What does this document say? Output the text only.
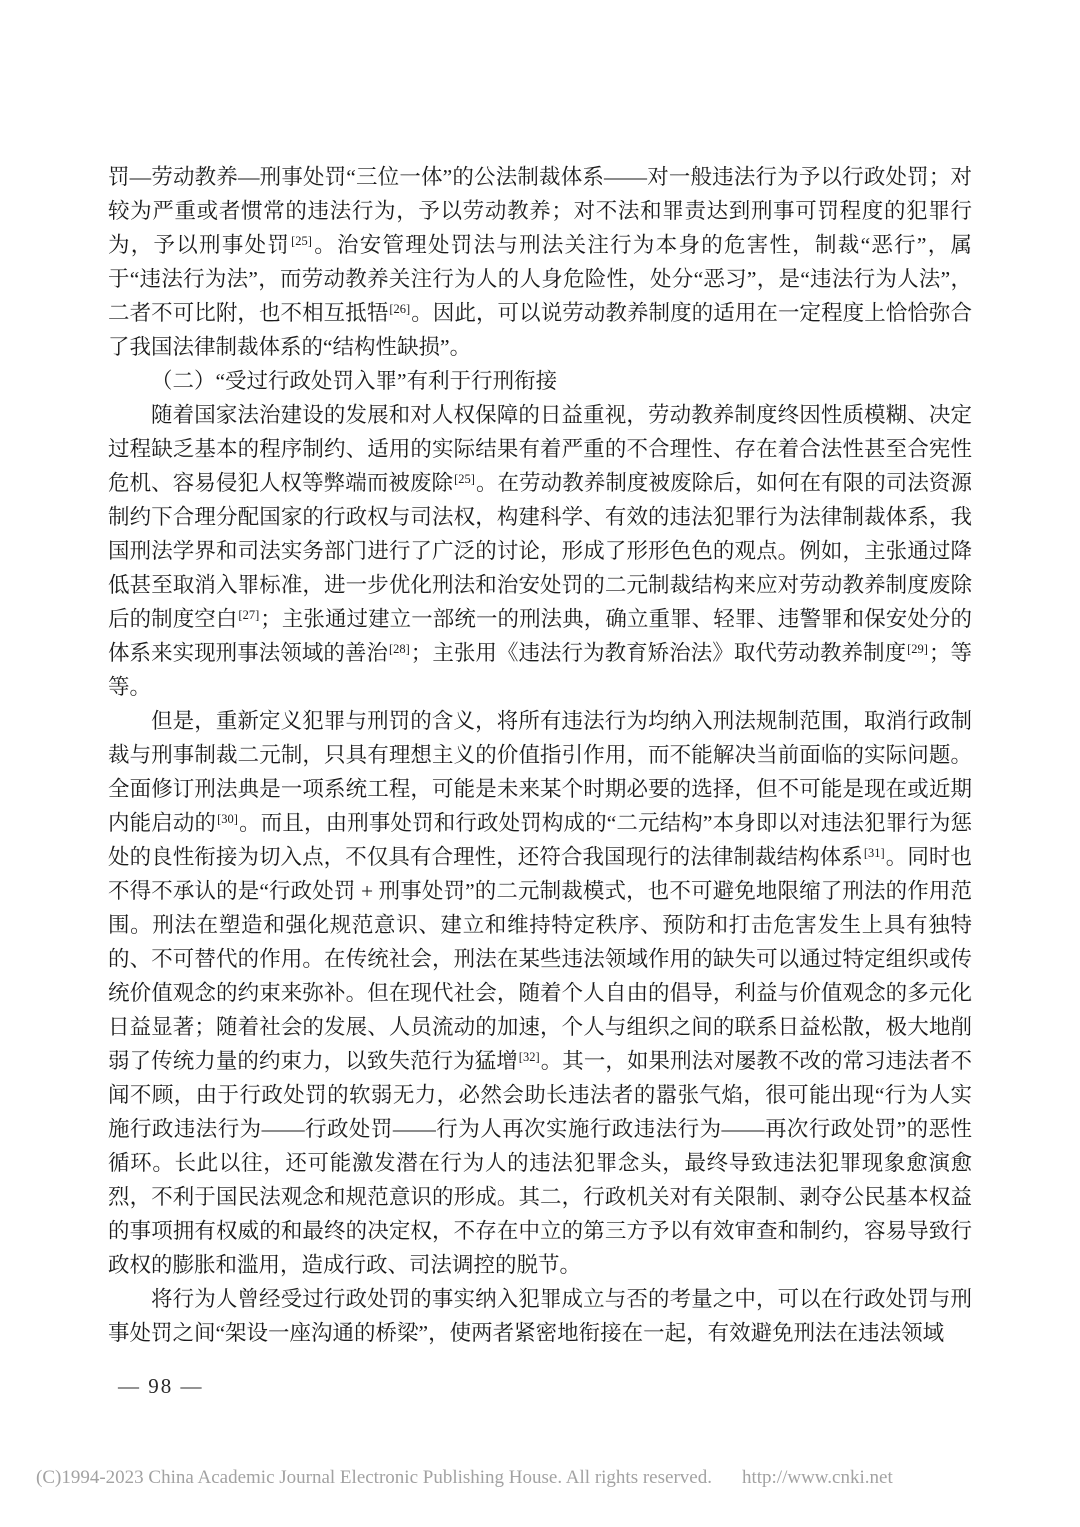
罚—劳动教养—刑事处罚“三位一体”的公法制裁体系——对一般违法行为予以行政处罚；对较为严重或者惯常的违法行为，予以劳动教养；对不法和罪责达到刑事可罚程度的犯罪行为，予以刑事处罚[25]。治安管理处罚法与刑法关注行为本身的危害性，制裁“恶行”，属于“违法行为法”，而劳动教养关注行为人的人身危险性，处分“恶习”，是“违法行为人法”，二者不可比附，也不相互抵牾[26]。因此，可以说劳动教养制度的适用在一定程度上恰恰弥合了我国法律制裁体系的“结构性缺损”。

（二）“受过行政处罚入罪”有利于行刑衔接

随着国家法治建设的发展和对人权保障的日益重视，劳动教养制度终因性质模糊、决定过程缺乏基本的程序制约、适用的实际结果有着严重的不合理性、存在着合法性甚至合宪性危机、容易侵犯人权等弊端而被废除[25]。在劳动教养制度被废除后，如何在有限的司法资源制约下合理分配国家的行政权与司法权，构建科学、有效的违法犯罪行为法律制裁体系，我国刑法学界和司法实务部门进行了广泛的讨论，形成了形形色色的观点。例如，主张通过降低甚至取消入罪标准，进一步优化刑法和治安处罚的二元制裁结构来应对劳动教养制度废除后的制度空白[27]；主张通过建立一部统一的刑法典，确立重罪、轻罪、违警罪和保安处分的体系来实现刑事法领域的善治[28]；主张用《违法行为教育矫治法》取代劳动教养制度[29]；等等。

但是，重新定义犯罪与刑罚的含义，将所有违法行为均纳入刑法规制范围，取消行政制裁与刑事制裁二元制，只具有理想主义的价值指引作用，而不能解决当前面临的实际问题。全面修订刑法典是一项系统工程，可能是未来某个时期必要的选择，但不可能是现在或近期内能启动的[30]。而且，由刑事处罚和行政处罚构成的“二元结构”本身即以对违法犯罪行为惩处的良性衔接为切入点，不仅具有合理性，还符合我国现行的法律制裁结构体系[31]。同时也不得不承认的是“行政处罚 + 刑事处罚”的二元制裁模式，也不可避免地限缩了刑法的作用范围。刑法在塑造和强化规范意识、建立和维持特定秩序、预防和打击危害发生上具有独特的、不可替代的作用。在传统社会，刑法在某些违法领域作用的缺失可以通过特定组织或传统价值观念的约束来弥补。但在现代社会，随着个人自由的倡导，利益与价值观念的多元化日益显著；随着社会的发展、人员流动的加速，个人与组织之间的联系日益松散，极大地削弱了传统力量的约束力，以致失范行为猛增[32]。其一，如果刑法对屡教不改的常习违法者不闻不顾，由于行政处罚的软弱无力，必然会助长违法者的嚣张气焰，很可能出现“行为人实施行政违法行为——行政处罚——行为人再次实施行政违法行为——再次行政处罚”的恶性循环。长此以往，还可能激发潜在行为人的违法犯罪念头，最终导致违法犯罪现象愈演愈烈，不利于国民法观念和规范意识的形成。其二，行政机关对有关限制、剥夺公民基本权益的事项拥有权威的和最终的决定权，不存在中立的第三方予以有效审查和制约，容易导致行政权的膨胀和滥用，造成行政、司法调控的脱节。

将行为人曾经受过行政处罚的事实纳入犯罪成立与否的考量之中，可以在行政处罚与刑事处罚之间“架设一座沟通的桥梁”，使两者紧密地衔接在一起，有效避免刑法在违法领域

— 98 —
(C)1994-2023 China Academic Journal Electronic Publishing House. All rights reserved. http://www.cnki.net
